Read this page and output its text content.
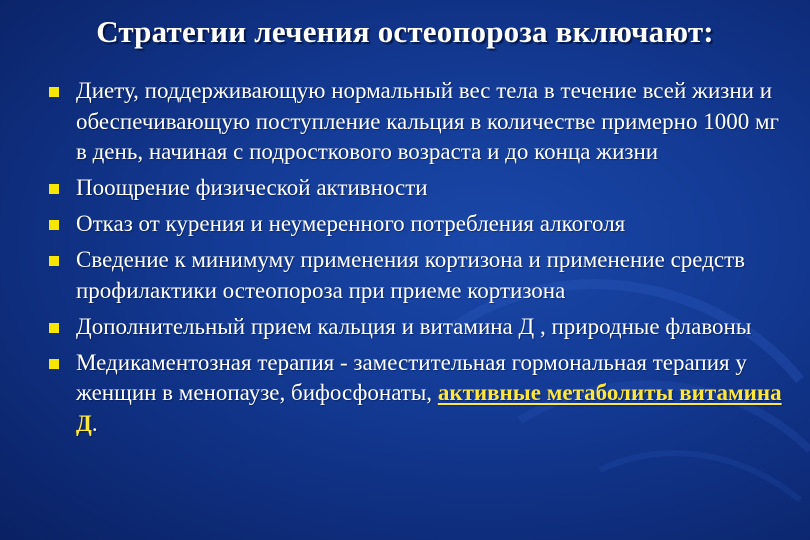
Стратегии лечения остеопороза включают:
Диету, поддерживающую нормальный вес тела в течение всей жизни и обеспечивающую поступление кальция в количестве примерно 1000 мг в день, начиная с подросткового возраста и до конца жизни
Поощрение физической активности
Отказ от курения и неумеренного потребления алкоголя
Сведение к минимуму применения кортизона и применение средств профилактики остеопороза при приеме кортизона
Дополнительный прием кальция и витамина Д , природные флавоны
Медикаментозная терапия - заместительная гормональная терапия у женщин в менопаузе, бифосфонаты, активные метаболиты витамина Д.
